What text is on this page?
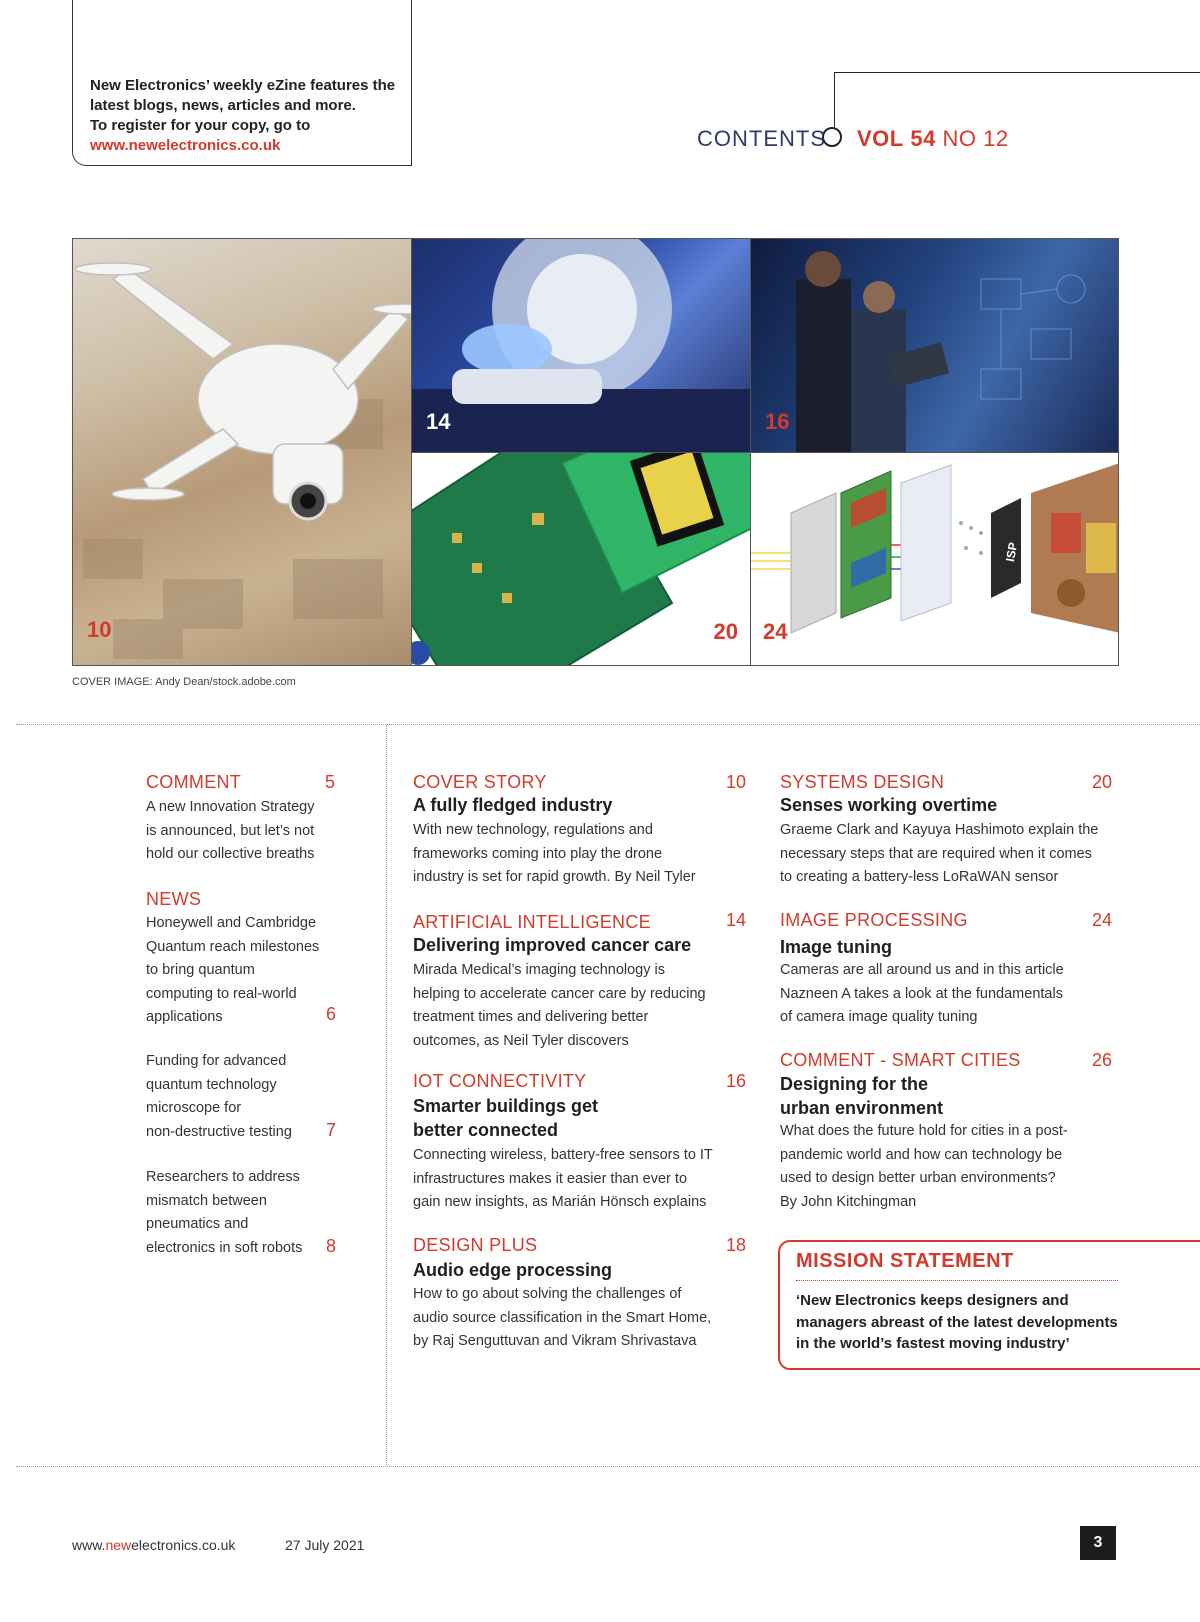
New Electronics’ weekly eZine features the
latest blogs, news, articles and more.
To register for your copy, go to
www.newelectronics.co.uk	CONTENTS VOL 54 NO 12
10
14	16
20
ISP
24
COVER IMAGE: Andy Dean/stock.adobe.com
COMMENT	5
A new Innovation Strategy
is announced, but let’s not
hold our collective breaths
NEWS
Honeywell and Cambridge
Quantum reach milestones
to bring quantum
computing to real-world
applications	6
Funding for advanced
quantum technology
microscope for
non-destructive testing 7
Researchers to address
mismatch between
pneumatics and
electronics in soft robots 8
COVER STORY	10
A fully fledged industry
With new technology, regulations and
frameworks coming into play the drone
industry is set for rapid growth. By Neil Tyler
ARTIFICIAL INTELLIGENCE	14
Delivering improved cancer care
Mirada Medical’s imaging technology is
helping to accelerate cancer care by reducing
treatment times and delivering better
outcomes, as Neil Tyler discovers
IOT CONNECTIVITY	16
Smarter buildings get
better connected
Connecting wireless, battery-free sensors to IT
infrastructures makes it easier than ever to
gain new insights, as Marián Hönsch explains
DESIGN PLUS	18
Audio edge processing
How to go about solving the challenges of
audio source classification in the Smart Home,
by Raj Senguttuvan and Vikram Shrivastava
SYSTEMS DESIGN	20
Senses working overtime
Graeme Clark and Kayuya Hashimoto explain the
necessary steps that are required when it comes
to creating a battery-less LoRaWAN sensor
IMAGE PROCESSING	24
Image tuning
Cameras are all around us and in this article
Nazneen A takes a look at the fundamentals
of camera image quality tuning
COMMENT - SMART CITIES	26
Designing for the
urban environment
What does the future hold for cities in a post-
pandemic world and how can technology be
used to design better urban environments?
By John Kitchingman
MISSION STATEMENT
‘New Electronics keeps designers and
managers abreast of the latest developments
in the world’s fastest moving industry’
www.newelectronics.co.uk	27 July 2021	3
